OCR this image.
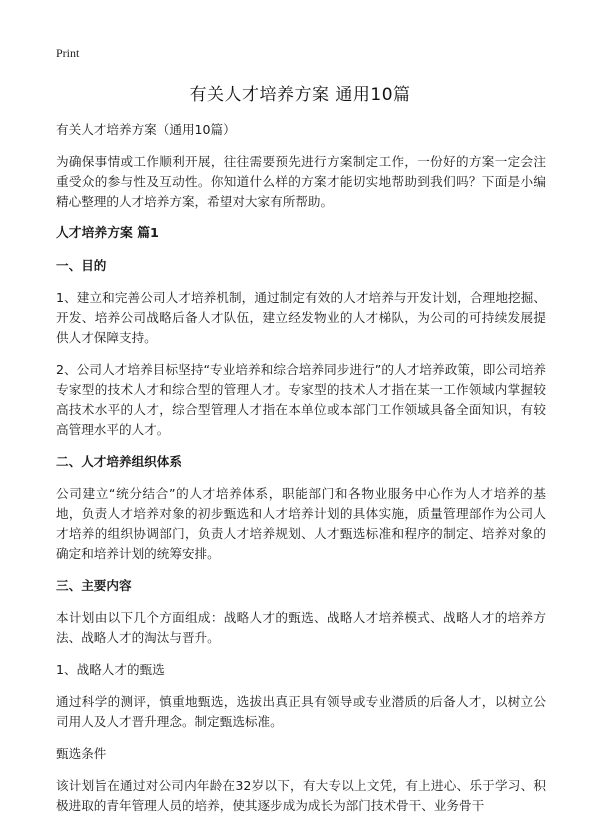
Print
有关人才培养方案 通用10篇

有关人才培养方案（通用10篇）

为确保事情或工作顺利开展，往往需要预先进行方案制定工作，一份好的方案一定会注重受众的参与性及互动性。你知道什么样的方案才能切实地帮助到我们吗？下面是小编精心整理的人才培养方案，希望对大家有所帮助。

人才培养方案 篇1

一、目的

1、建立和完善公司人才培养机制，通过制定有效的人才培养与开发计划，合理地挖掘、开发、培养公司战略后备人才队伍，建立经发物业的人才梯队，为公司的可持续发展提供人才保障支持。

2、公司人才培养目标坚持“专业培养和综合培养同步进行”的人才培养政策，即公司培养专家型的技术人才和综合型的管理人才。专家型的技术人才指在某一工作领域内掌握较高技术水平的人才，综合型管理人才指在本单位或本部门工作领域具备全面知识，有较高管理水平的人才。

二、人才培养组织体系

公司建立“统分结合”的人才培养体系，职能部门和各物业服务中心作为人才培养的基地，负责人才培养对象的初步甄选和人才培养计划的具体实施，质量管理部作为公司人才培养的组织协调部门，负责人才培养规划、人才甄选标准和程序的制定、培养对象的确定和培养计划的统筹安排。

三、主要内容

本计划由以下几个方面组成：战略人才的甄选、战略人才培养模式、战略人才的培养方法、战略人才的淘汰与晋升。

1、战略人才的甄选

通过科学的测评，慎重地甄选，选拔出真正具有领导或专业潜质的后备人才，以树立公司用人及人才晋升理念。制定甄选标准。

甄选条件

该计划旨在通过对公司内年龄在32岁以下，有大专以上文凭，有上进心、乐于学习、积极进取的青年管理人员的培养，使其逐步成为成长为部门技术骨干、业务骨干
